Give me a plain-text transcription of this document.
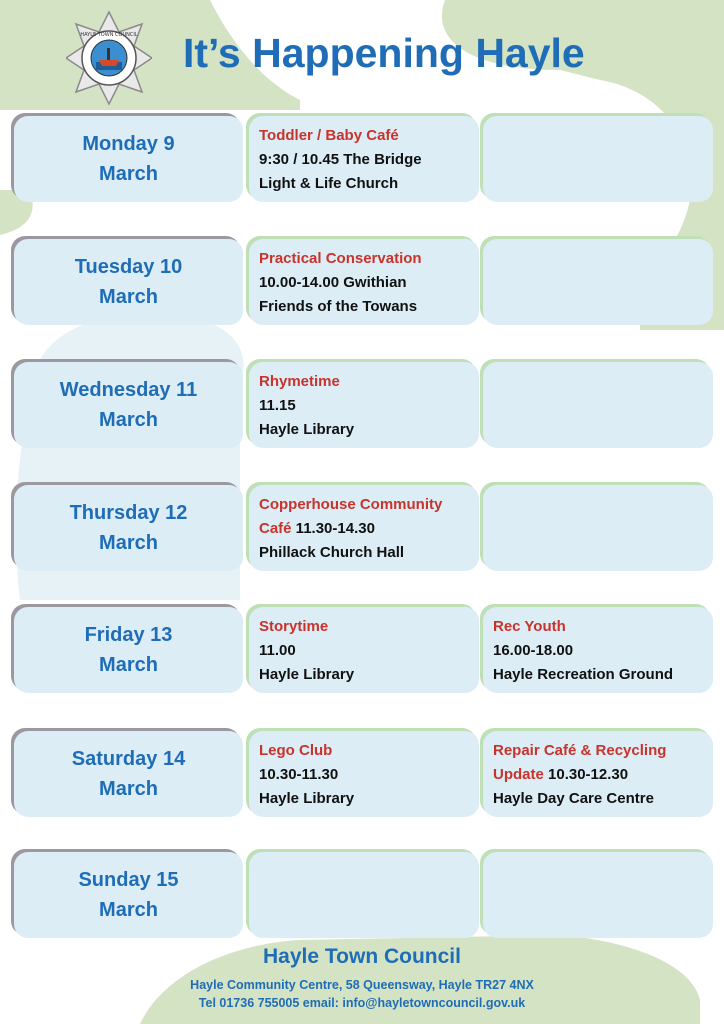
HAYLE TOWN COUNCIL It’s Happening Hayle
Monday 9
March
Toddler / Baby Café
9:30 / 10.45 The Bridge
Light & Life Church
Tuesday 10
March
Practical Conservation
10.00-14.00 Gwithian
Friends of the Towans
Wednesday 11
March
Rhymetime
11.15
Hayle Library
Thursday 12
March
Copperhouse Community
Café 11.30-14.30
Phillack Church Hall
Friday 13
March
Storytime
11.00
Hayle Library
Rec Youth
16.00-18.00
Hayle Recreation Ground
Saturday 14
March
Lego Club
10.30-11.30
Hayle Library
Repair Café & Recycling
Update 10.30-12.30
Hayle Day Care Centre
Sunday 15
March
Hayle Town Council
Hayle Community Centre, 58 Queensway, Hayle TR27 4NX
Tel 01736 755005 email: info@hayletowncouncil.gov.uk
